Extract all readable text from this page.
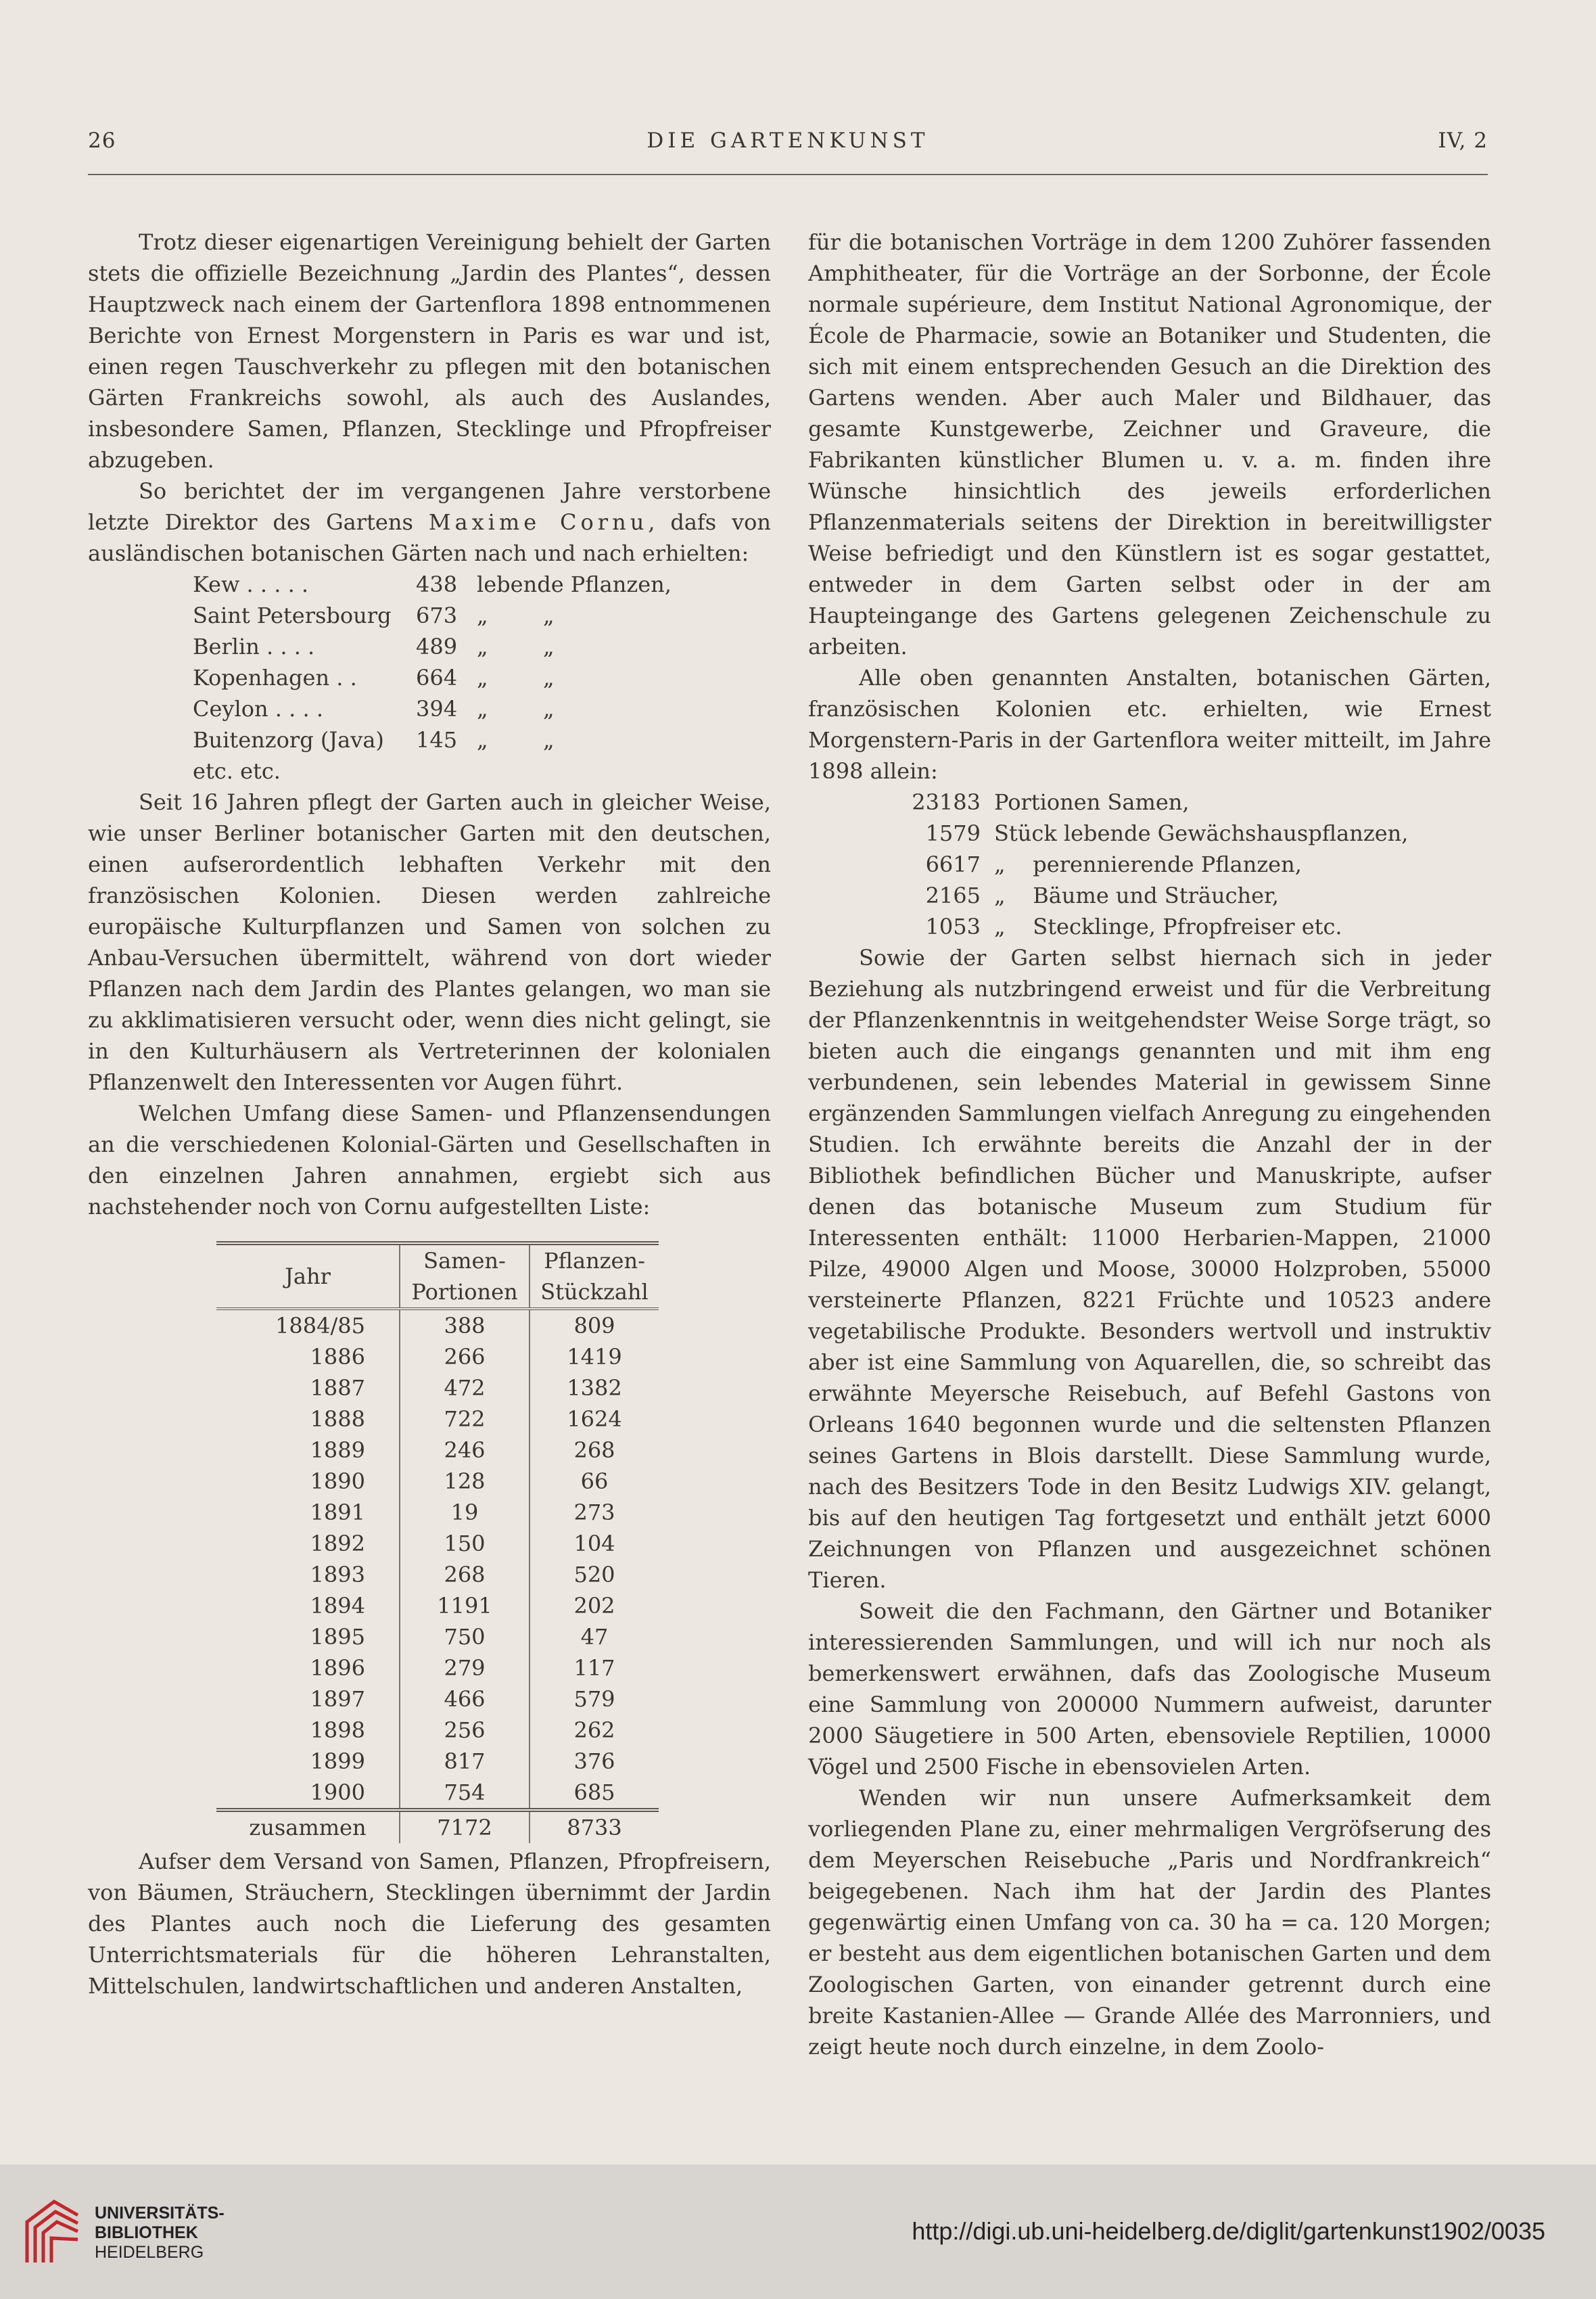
26	DIE GARTENKUNST	IV, 2

Trotz dieser eigenartigen Vereinigung behielt der Garten stets die offizielle Bezeichnung „Jardin des Plantes“, dessen Hauptzweck nach einem der Gartenflora 1898 entnommenen Berichte von Ernest Morgenstern in Paris es war und ist, einen regen Tauschverkehr zu pflegen mit den botanischen Gärten Frankreichs sowohl, als auch des Auslandes, insbesondere Samen, Pflanzen, Stecklinge und Pfropfreiser abzugeben.

So berichtet der im vergangenen Jahre verstorbene letzte Direktor des Gartens Maxime Cornu, dafs von ausländischen botanischen Gärten nach und nach erhielten:

Kew . . . . .	438 lebende Pflanzen,
Saint Petersbourg	673 „        „
Berlin . . . .	489 „        „
Kopenhagen . .	664 „        „
Ceylon . . . .	394 „        „
Buitenzorg (Java)	145 „        „
etc. etc.

Seit 16 Jahren pflegt der Garten auch in gleicher Weise, wie unser Berliner botanischer Garten mit den deutschen, einen aufserordentlich lebhaften Verkehr mit den französischen Kolonien. Diesen werden zahlreiche europäische Kulturpflanzen und Samen von solchen zu Anbau-Versuchen übermittelt, während von dort wieder Pflanzen nach dem Jardin des Plantes gelangen, wo man sie zu akklimatisieren versucht oder, wenn dies nicht gelingt, sie in den Kulturhäusern als Vertreterinnen der kolonialen Pflanzenwelt den Interessenten vor Augen führt.

Welchen Umfang diese Samen- und Pflanzensendungen an die verschiedenen Kolonial-Gärten und Gesellschaften in den einzelnen Jahren annahmen, ergiebt sich aus nachstehender noch von Cornu aufgestellten Liste:

Jahr	Samen-Portionen	Pflanzen-Stückzahl
1884/85	388	809
1886	266	1419
1887	472	1382
1888	722	1624
1889	246	268
1890	128	66
1891	19	273
1892	150	104
1893	268	520
1894	1191	202
1895	750	47
1896	279	117
1897	466	579
1898	256	262
1899	817	376
1900	754	685
zusammen	7172	8733

Aufser dem Versand von Samen, Pflanzen, Pfropfreisern, von Bäumen, Sträuchern, Stecklingen übernimmt der Jardin des Plantes auch noch die Lieferung des gesamten Unterrichtsmaterials für die höheren Lehranstalten, Mittelschulen, landwirtschaftlichen und anderen Anstalten,

für die botanischen Vorträge in dem 1200 Zuhörer fassenden Amphitheater, für die Vorträge an der Sorbonne, der École normale supérieure, dem Institut National Agronomique, der École de Pharmacie, sowie an Botaniker und Studenten, die sich mit einem entsprechenden Gesuch an die Direktion des Gartens wenden. Aber auch Maler und Bildhauer, das gesamte Kunstgewerbe, Zeichner und Graveure, die Fabrikanten künstlicher Blumen u. v. a. m. finden ihre Wünsche hinsichtlich des jeweils erforderlichen Pflanzenmaterials seitens der Direktion in bereitwilligster Weise befriedigt und den Künstlern ist es sogar gestattet, entweder in dem Garten selbst oder in der am Haupteingange des Gartens gelegenen Zeichenschule zu arbeiten.

Alle oben genannten Anstalten, botanischen Gärten, französischen Kolonien etc. erhielten, wie Ernest Morgenstern-Paris in der Gartenflora weiter mitteilt, im Jahre 1898 allein:

23183 Portionen Samen,
1579 Stück lebende Gewächshauspflanzen,
6617 „    perennierende Pflanzen,
2165 „    Bäume und Sträucher,
1053 „    Stecklinge, Pfropfreiser etc.

Sowie der Garten selbst hiernach sich in jeder Beziehung als nutzbringend erweist und für die Verbreitung der Pflanzenkenntnis in weitgehendster Weise Sorge trägt, so bieten auch die eingangs genannten und mit ihm eng verbundenen, sein lebendes Material in gewissem Sinne ergänzenden Sammlungen vielfach Anregung zu eingehenden Studien. Ich erwähnte bereits die Anzahl der in der Bibliothek befindlichen Bücher und Manuskripte, aufser denen das botanische Museum zum Studium für Interessenten enthält: 11000 Herbarien-Mappen, 21000 Pilze, 49000 Algen und Moose, 30000 Holzproben, 55000 versteinerte Pflanzen, 8221 Früchte und 10523 andere vegetabilische Produkte. Besonders wertvoll und instruktiv aber ist eine Sammlung von Aquarellen, die, so schreibt das erwähnte Meyersche Reisebuch, auf Befehl Gastons von Orleans 1640 begonnen wurde und die seltensten Pflanzen seines Gartens in Blois darstellt. Diese Sammlung wurde, nach des Besitzers Tode in den Besitz Ludwigs XIV. gelangt, bis auf den heutigen Tag fortgesetzt und enthält jetzt 6000 Zeichnungen von Pflanzen und ausgezeichnet schönen Tieren.

Soweit die den Fachmann, den Gärtner und Botaniker interessierenden Sammlungen, und will ich nur noch als bemerkenswert erwähnen, dafs das Zoologische Museum eine Sammlung von 200000 Nummern aufweist, darunter 2000 Säugetiere in 500 Arten, ebensoviele Reptilien, 10000 Vögel und 2500 Fische in ebensovielen Arten.

Wenden wir nun unsere Aufmerksamkeit dem vorliegenden Plane zu, einer mehrmaligen Vergröfserung des dem Meyerschen Reisebuche „Paris und Nordfrankreich“ beigegebenen. Nach ihm hat der Jardin des Plantes gegenwärtig einen Umfang von ca. 30 ha = ca. 120 Morgen; er besteht aus dem eigentlichen botanischen Garten und dem Zoologischen Garten, von einander getrennt durch eine breite Kastanien-Allee — Grande Allée des Marronniers, und zeigt heute noch durch einzelne, in dem Zoolo-

UNIVERSITÄTS-
BIBLIOTHEK
HEIDELBERG
http://digi.ub.uni-heidelberg.de/diglit/gartenkunst1902/0035
